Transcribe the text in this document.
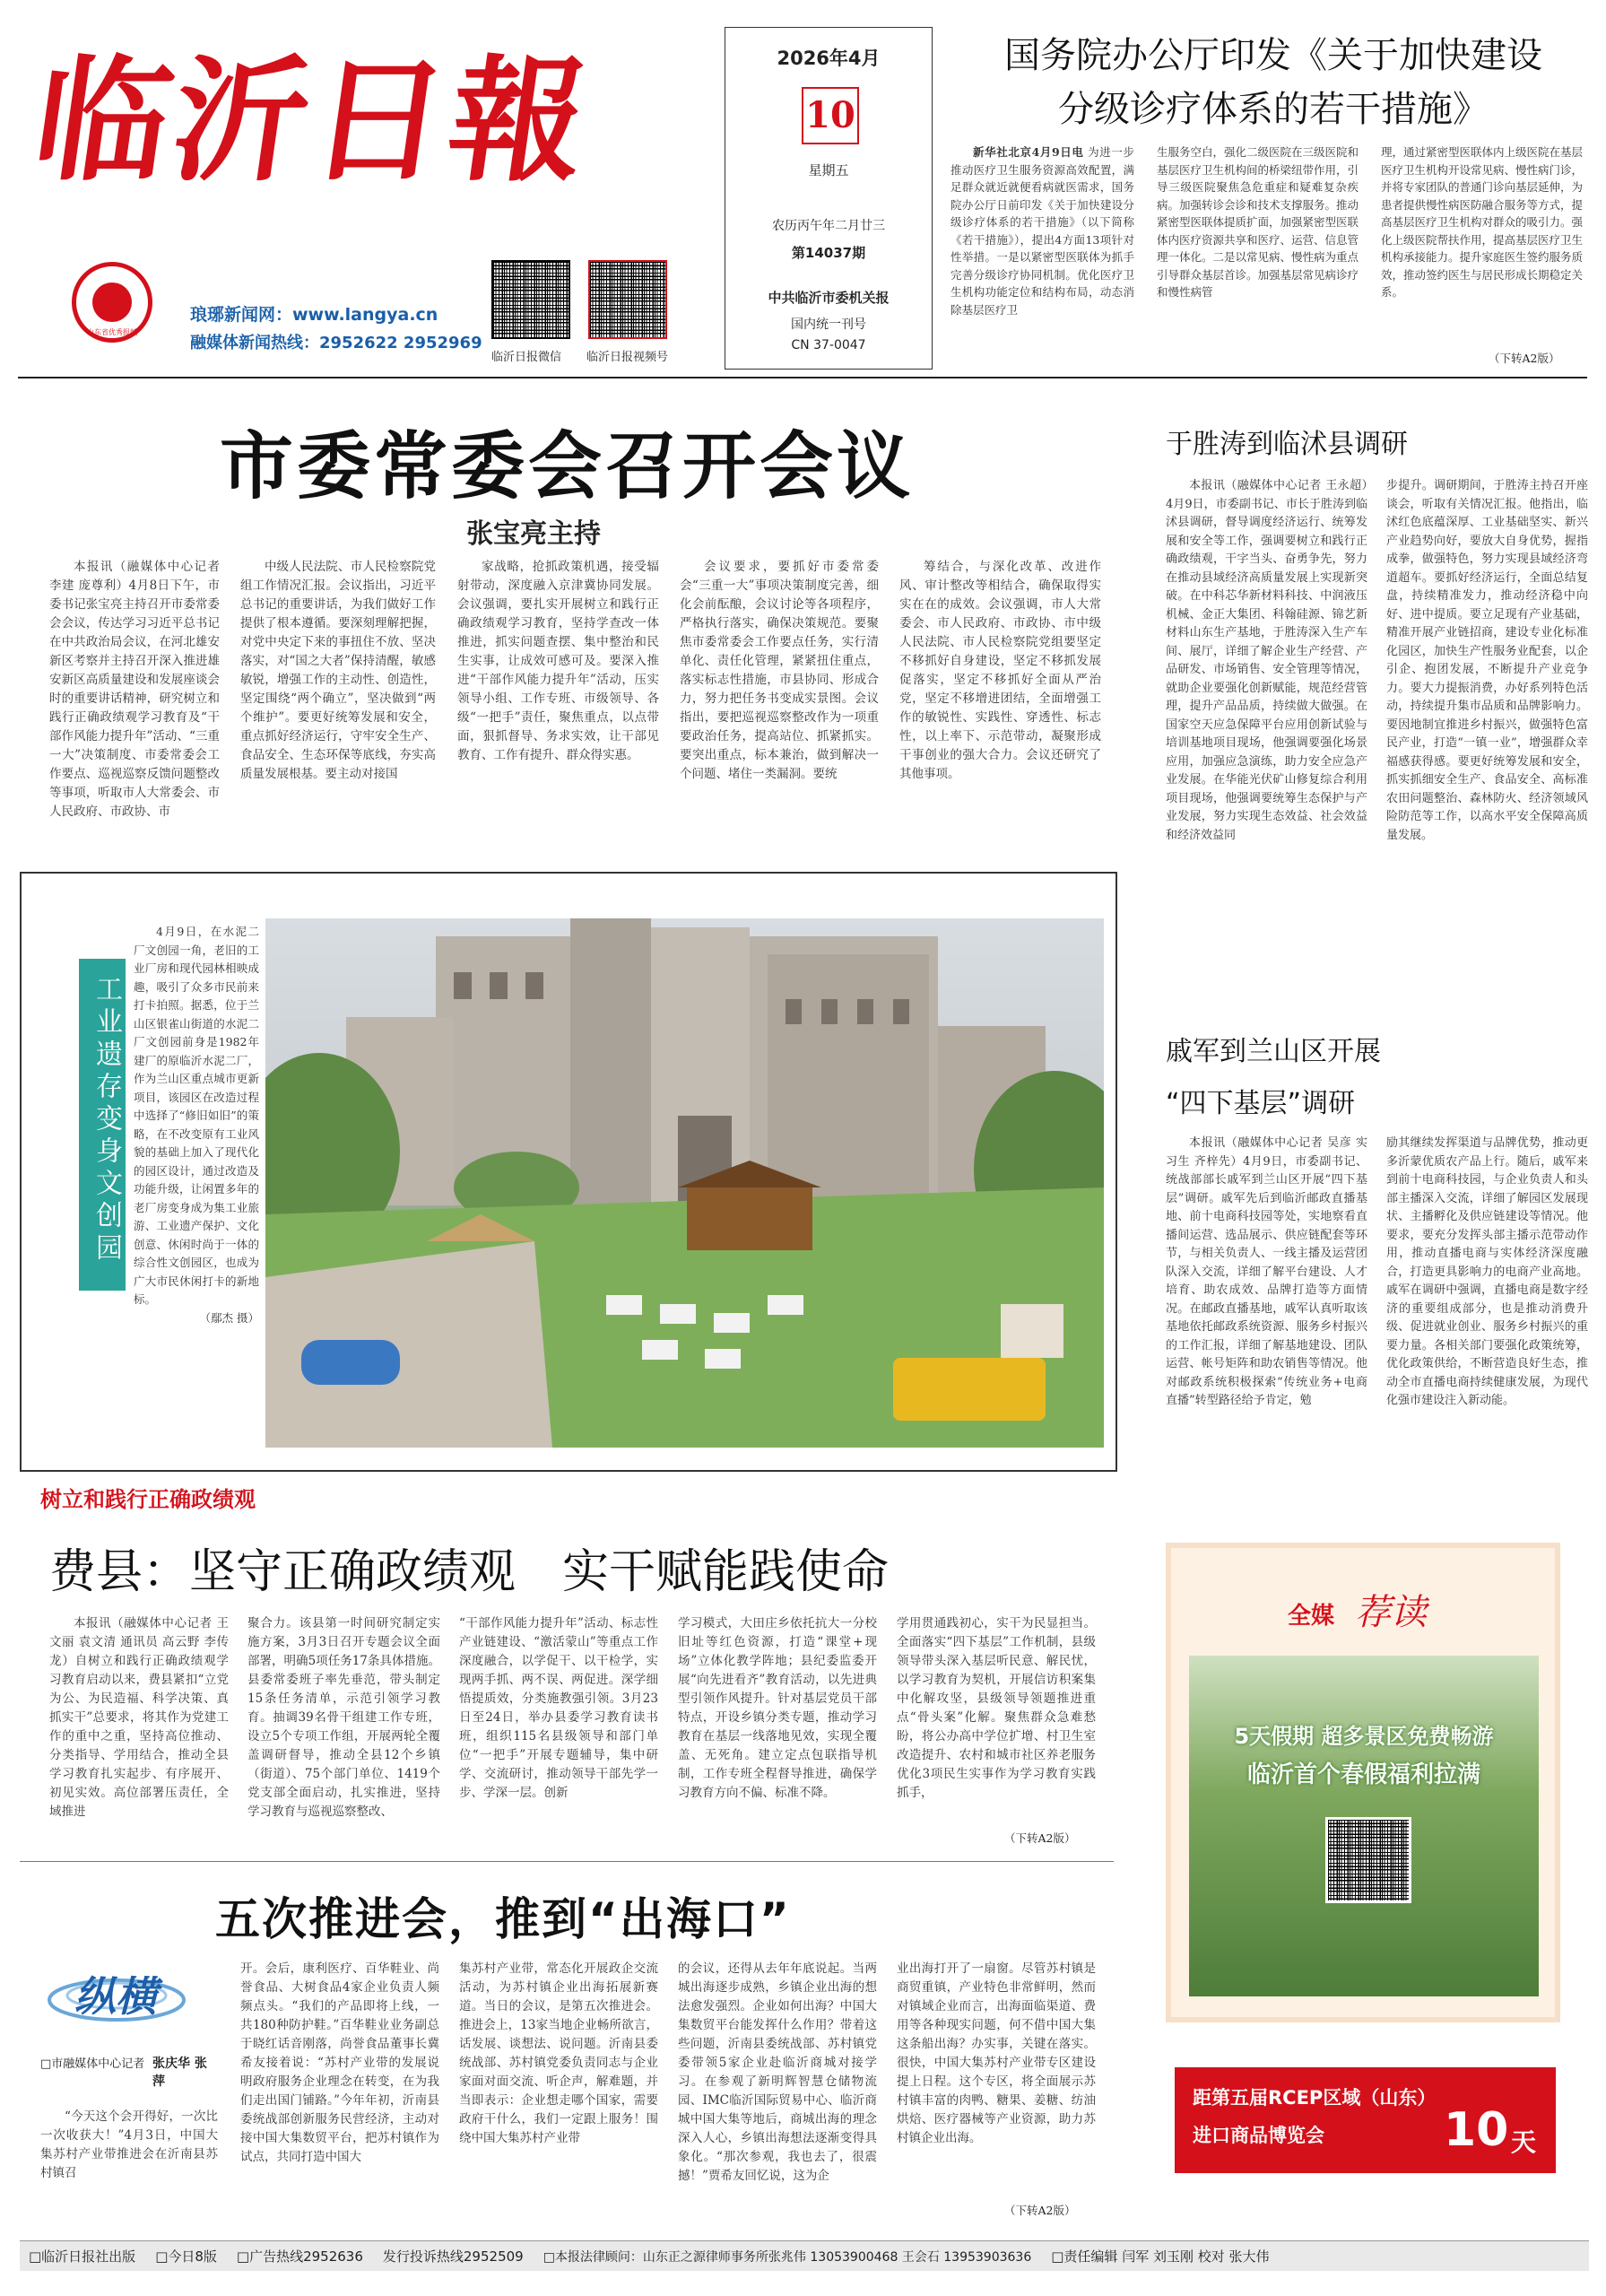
临沂日報
山东省优秀报纸
琅琊新闻网：www.langya.cn
融媒体新闻热线：2952622 2952969
临沂日报微信 临沂日报视频号
2026年4月
10
星期五
农历丙午年二月廿三
第14037期
中共临沂市委机关报
国内统一刊号
CN 37-0047
国务院办公厅印发《关于加快建设
分级诊疗体系的若干措施》

新华社北京4月9日电 为进一步推动医疗卫生服务资源高效配置，满足群众就近就便看病就医需求，国务院办公厅日前印发《关于加快建设分级诊疗体系的若干措施》（以下简称《若干措施》），提出4方面13项针对性举措。一是以紧密型医联体为抓手完善分级诊疗协同机制。优化医疗卫生机构功能定位和结构布局，动态消除基层医疗卫

生服务空白，强化二级医院在三级医院和基层医疗卫生机构间的桥梁纽带作用，引导三级医院聚焦急危重症和疑难复杂疾病。加强转诊会诊和技术支撑服务。推动紧密型医联体提质扩面，加强紧密型医联体内医疗资源共享和医疗、运营、信息管理一体化。二是以常见病、慢性病为重点引导群众基层首诊。加强基层常见病诊疗和慢性病管

理，通过紧密型医联体内上级医院在基层医疗卫生机构开设常见病、慢性病门诊，并将专家团队的普通门诊向基层延伸，为患者提供慢性病医防融合服务等方式，提高基层医疗卫生机构对群众的吸引力。强化上级医院帮扶作用，提高基层医疗卫生机构承接能力。提升家庭医生签约服务质效，推动签约医生与居民形成长期稳定关系。

（下转A2版）
市委常委会召开会议
张宝亮主持

本报讯（融媒体中心记者 李建 庞尊利）4月8日下午，市委书记张宝亮主持召开市委常委会会议，传达学习习近平总书记在中共政治局会议，在河北雄安新区考察并主持召开深入推进雄安新区高质量建设和发展座谈会时的重要讲话精神，研究树立和践行正确政绩观学习教育及“干部作风能力提升年”活动、“三重一大”决策制度、市委常委会工作要点、巡视巡察反馈问题整改等事项，听取市人大常委会、市人民政府、市政协、市

中级人民法院、市人民检察院党组工作情况汇报。会议指出，习近平总书记的重要讲话，为我们做好工作提供了根本遵循。要深刻理解把握，对党中央定下来的事扭住不放、坚决落实，对“国之大者”保持清醒，敏感敏锐，增强工作的主动性、创造性，坚定围绕“两个确立”，坚决做到“两个维护”。要更好统筹发展和安全，重点抓好经济运行，守牢安全生产、食品安全、生态环保等底线，夯实高质量发展根基。要主动对接国

家战略，抢抓政策机遇，接受辐射带动，深度融入京津冀协同发展。会议强调，要扎实开展树立和践行正确政绩观学习教育，坚持学查改一体推进，抓实问题查摆、集中整治和民生实事，让成效可感可及。要深入推进“干部作风能力提升年”活动，压实领导小组、工作专班、市级领导、各级“一把手”责任，聚焦重点，以点带面，狠抓督导、务求实效，让干部见教育、工作有提升、群众得实惠。

会议要求，要抓好市委常委会“三重一大”事项决策制度完善，细化会前酝酿，会议讨论等各项程序，严格执行落实，确保决策规范。要聚焦市委常委会工作要点任务，实行清单化、责任化管理，紧紧扭住重点，落实标志性措施，市县协同、形成合力，努力把任务书变成实景图。会议指出，要把巡视巡察整改作为一项重要政治任务，提高站位、抓紧抓实。要突出重点，标本兼治，做到解决一个问题、堵住一类漏洞。要统

筹结合，与深化改革、改进作风、审计整改等相结合，确保取得实实在在的成效。会议强调，市人大常委会、市人民政府、市政协、市中级人民法院、市人民检察院党组要坚定不移抓好自身建设，坚定不移抓发展促落实，坚定不移抓好全面从严治党，坚定不移增进团结，全面增强工作的敏锐性、实践性、穿透性、标志性，以上率下、示范带动，凝聚形成干事创业的强大合力。会议还研究了其他事项。

4月9日，在水泥二厂文创园一角，老旧的工业厂房和现代园林相映成趣，吸引了众多市民前来打卡拍照。据悉，位于兰山区银雀山街道的水泥二厂文创园前身是1982年建厂的原临沂水泥二厂，作为兰山区重点城市更新项目，该园区在改造过程中选择了“修旧如旧”的策略，在不改变原有工业风貌的基础上加入了现代化的园区设计，通过改造及功能升级，让闲置多年的老厂房变身成为集工业旅游、工业遗产保护、文化创意、休闲时尚于一体的综合性文创园区，也成为广大市民休闲打卡的新地标。

（鄢杰 摄）

工业遗存变身文创园
于胜涛到临沭县调研

本报讯（融媒体中心记者 王永超）4月9日，市委副书记、市长于胜涛到临沭县调研，督导调度经济运行、统筹发展和安全等工作，强调要树立和践行正确政绩观，干字当头、奋勇争先，努力在推动县域经济高质量发展上实现新突破。在中科芯华新材料科技、中润液压机械、金正大集团、科翰硅源、锦艺新材料山东生产基地，于胜涛深入生产车间、展厅，详细了解企业生产经营、产品研发、市场销售、安全管理等情况，就助企业要强化创新赋能，规范经营管理，提升产品品质，持续做大做强。在国家空天应急保障平台应用创新试验与培训基地项目现场，他强调要强化场景应用，加强应急演练，助力安全应急产业发展。在华能光伏矿山修复综合利用项目现场，他强调要统筹生态保护与产业发展，努力实现生态效益、社会效益和经济效益同

步提升。调研期间，于胜涛主持召开座谈会，听取有关情况汇报。他指出，临沭红色底蕴深厚、工业基础坚实、新兴产业趋势向好，要放大自身优势，握指成拳，做强特色，努力实现县域经济弯道超车。要抓好经济运行，全面总结复盘，持续精准发力，推动经济稳中向好、进中提质。要立足现有产业基础，精准开展产业链招商，建设专业化标准化园区，加快生产性服务业配套，以企引企、抱团发展，不断提升产业竞争力。要大力提振消费，办好系列特色活动，持续提升集市品质和品牌影响力。要因地制宜推进乡村振兴，做强特色富民产业，打造“一镇一业”，增强群众幸福感获得感。要更好统筹发展和安全，抓实抓细安全生产、食品安全、高标准农田问题整治、森林防火、经济领域风险防范等工作，以高水平安全保障高质量发展。

戚军到兰山区开展
“四下基层”调研

本报讯（融媒体中心记者 吴彦 实习生 齐梓先）4月9日，市委副书记、统战部部长戚军到兰山区开展“四下基层”调研。戚军先后到临沂邮政直播基地、前十电商科技园等处，实地察看直播间运营、选品展示、供应链配套等环节，与相关负责人、一线主播及运营团队深入交流，详细了解平台建设、人才培育、助农成效、品牌打造等方面情况。在邮政直播基地，戚军认真听取该基地依托邮政系统资源、服务乡村振兴的工作汇报，详细了解基地建设、团队运营、帐号矩阵和助农销售等情况。他对邮政系统积极探索“传统业务+电商直播”转型路径给予肯定，勉

励其继续发挥渠道与品牌优势，推动更多沂蒙优质农产品上行。随后，戚军来到前十电商科技园，与企业负责人和头部主播深入交流，详细了解园区发展现状、主播孵化及供应链建设等情况。他要求，要充分发挥头部主播示范带动作用，推动直播电商与实体经济深度融合，打造更具影响力的电商产业高地。戚军在调研中强调，直播电商是数字经济的重要组成部分，也是推动消费升级、促进就业创业、服务乡村振兴的重要力量。各相关部门要强化政策统筹，优化政策供给，不断营造良好生态，推动全市直播电商持续健康发展，为现代化强市建设注入新动能。

树立和践行正确政绩观
费县：坚守正确政绩观　实干赋能践使命

本报讯（融媒体中心记者 王文丽 袁文清 通讯员 高云野 李传龙）自树立和践行正确政绩观学习教育启动以来，费县紧扣“立党为公、为民造福、科学决策、真抓实干”总要求，将其作为党建工作的重中之重，坚持高位推动、分类指导、学用结合，推动全县学习教育扎实起步、有序展开、初见实效。高位部署压责任，全域推进

聚合力。该县第一时间研究制定实施方案，3月3日召开专题会议全面部署，明确5项任务17条具体措施。县委常委班子率先垂范，带头制定15条任务清单，示范引领学习教育。抽调39名骨干组建工作专班，设立5个专项工作组，开展两轮全覆盖调研督导，推动全县12个乡镇（街道）、75个部门单位、1419个党支部全面启动，扎实推进，坚持学习教育与巡视巡察整改、

“干部作风能力提升年”活动、标志性产业链建设、“激活蒙山”等重点工作深度融合，以学促干、以干检学，实现两手抓、两不误、两促进。深学细悟提质效，分类施教强引领。3月23日至24日，举办县委学习教育读书班，组织115名县级领导和部门单位“一把手”开展专题辅导，集中研学、交流研讨，推动领导干部先学一步、学深一层。创新

学习模式，大田庄乡依托抗大一分校旧址等红色资源，打造“课堂+现场”立体化教学阵地；县纪委监委开展“向先进看齐”教育活动，以先进典型引领作风提升。针对基层党员干部特点，开设乡镇分类专题，推动学习教育在基层一线落地见效，实现全覆盖、无死角。建立定点包联指导机制，工作专班全程督导推进，确保学习教育方向不偏、标准不降。

学用贯通践初心，实干为民显担当。全面落实“四下基层”工作机制，县级领导带头深入基层听民意、解民忧，以学习教育为契机，开展信访积案集中化解攻坚，县级领导领题推进重点“骨头案”化解。聚焦群众急难愁盼，将公办高中学位扩增、村卫生室改造提升、农村和城市社区养老服务优化3项民生实事作为学习教育实践抓手，

（下转A2版）
五次推进会，推到“出海口”
纵横
□市融媒体中心记者 张庆华 张萍

“今天这个会开得好，一次比一次收获大！”4月3日，中国大集苏村产业带推进会在沂南县苏村镇召

开。会后，康利医疗、百华鞋业、尚誉食品、大树食品4家企业负责人频频点头。“我们的产品即将上线，一共180种防护鞋。”百华鞋业业务副总于晓红话音刚落，尚誉食品董事长冀希友接着说：“苏村产业带的发展说明政府服务企业理念在转变，在为我们走出国门铺路。”今年年初，沂南县委统战部创新服务民营经济，主动对接中国大集数贸平台，把苏村镇作为试点，共同打造中国大

集苏村产业带，常态化开展政企交流活动，为苏村镇企业出海拓展新赛道。当日的会议，是第五次推进会。推进会上，13家当地企业畅所欲言，话发展、谈想法、说问题。沂南县委统战部、苏村镇党委负责同志与企业家面对面交流、听企声，解难题，并当即表示：企业想走哪个国家，需要政府干什么，我们一定跟上服务！围绕中国大集苏村产业带

的会议，还得从去年年底说起。当两城出海逐步成熟，乡镇企业出海的想法愈发强烈。企业如何出海？中国大集数贸平台能发挥什么作用？带着这些问题，沂南县委统战部、苏村镇党委带领5家企业赴临沂商城对接学习。在参观了新明辉智慧仓储物流园、IMC临沂国际贸易中心、临沂商城中国大集等地后，商城出海的理念深入人心，乡镇出海想法逐渐变得具象化。“那次参观，我也去了，很震撼！”贾希友回忆说，这为企

业出海打开了一扇窗。尽管苏村镇是商贸重镇，产业特色非常鲜明，然而对镇域企业而言，出海面临渠道、费用等各种现实问题，何不借中国大集这条船出海？办实事，关键在落实。很快，中国大集苏村产业带专区建设提上日程。这个专区，将全面展示苏村镇丰富的肉鸭、糖果、姜糖、纺油烘焙、医疗器械等产业资源，助力苏村镇企业出海。

（下转A2版）
全媒 荐读
5天假期 超多景区免费畅游
临沂首个春假福利拉满
距第五届RCEP区域（山东）
进口商品博览会	10 天
□临沂日报社出版 □今日8版 □广告热线2952636 发行投诉热线2952509 □本报法律顾问：山东正之源律师事务所张兆伟 13053900468 王会石 13953903636 □责任编辑 闫军 刘玉刚 校对 张大伟
